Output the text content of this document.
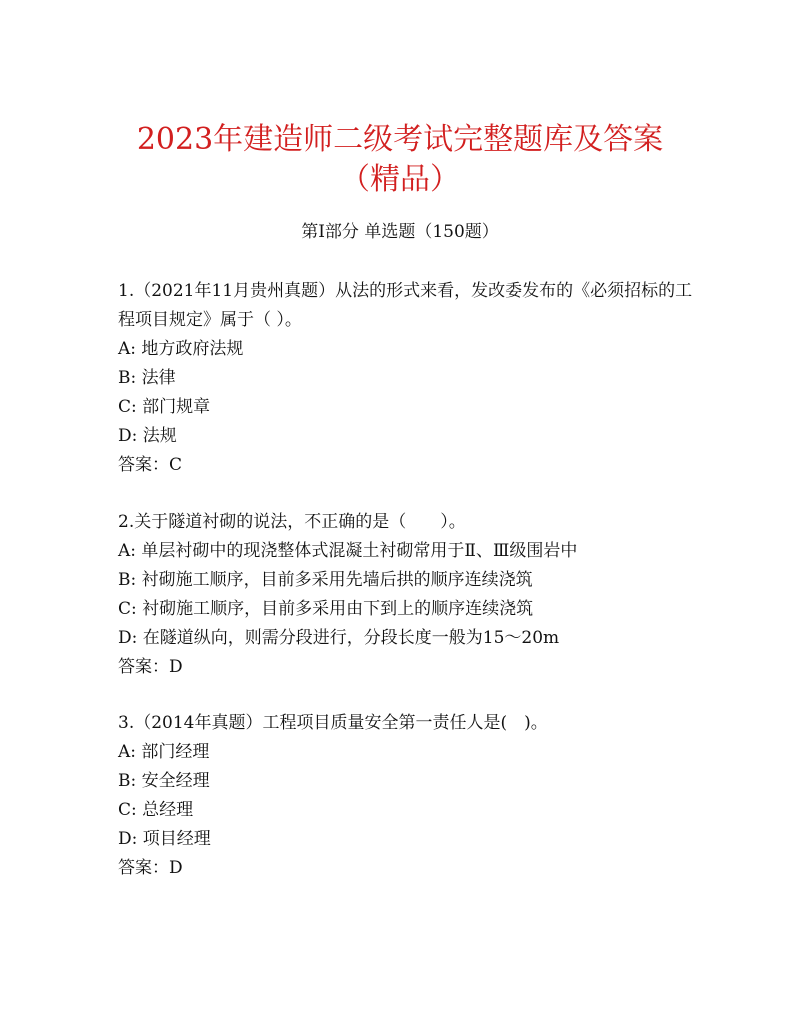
2023年建造师二级考试完整题库及答案（精品）
第I部分 单选题（150题）

1.（2021年11月贵州真题）从法的形式来看，发改委发布的《必须招标的工程项目规定》属于（ ）。

A: 地方政府法规

B: 法律

C: 部门规章

D: 法规

答案：C

2.关于隧道衬砌的说法，不正确的是（　　）。

A: 单层衬砌中的现浇整体式混凝土衬砌常用于Ⅱ、Ⅲ级围岩中

B: 衬砌施工顺序，目前多采用先墙后拱的顺序连续浇筑

C: 衬砌施工顺序，目前多采用由下到上的顺序连续浇筑

D: 在隧道纵向，则需分段进行，分段长度一般为15～20m

答案：D

3.（2014年真题）工程项目质量安全第一责任人是(　)。

A: 部门经理

B: 安全经理

C: 总经理

D: 项目经理

答案：D
